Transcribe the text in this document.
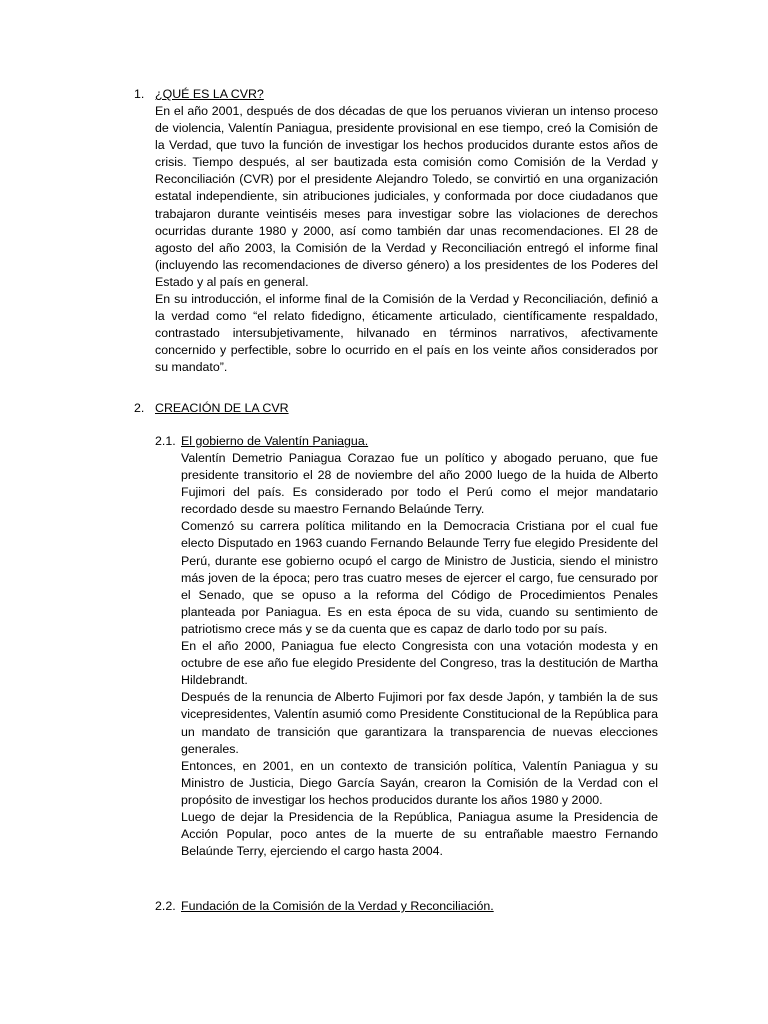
1. ¿QUÉ ES LA CVR?

En el año 2001, después de dos décadas de que los peruanos vivieran un intenso proceso de violencia, Valentín Paniagua, presidente provisional en ese tiempo, creó la Comisión de la Verdad, que tuvo la función de investigar los hechos producidos durante estos años de crisis. Tiempo después, al ser bautizada esta comisión como Comisión de la Verdad y Reconciliación (CVR) por el presidente Alejandro Toledo, se convirtió en una organización estatal independiente, sin atribuciones judiciales, y conformada por doce ciudadanos que trabajaron durante veintiséis meses para investigar sobre las violaciones de derechos ocurridas durante 1980 y 2000, así como también dar unas recomendaciones. El 28 de agosto del año 2003, la Comisión de la Verdad y Reconciliación entregó el informe final (incluyendo las recomendaciones de diverso género) a los presidentes de los Poderes del Estado y al país en general.

En su introducción, el informe final de la Comisión de la Verdad y Reconciliación, definió a la verdad como “el relato fidedigno, éticamente articulado, científicamente respaldado, contrastado intersubjetivamente, hilvanado en términos narrativos, afectivamente concernido y perfectible, sobre lo ocurrido en el país en los veinte años considerados por su mandato”.

2. CREACIÓN DE LA CVR
2.1. El gobierno de Valentín Paniagua.

Valentín Demetrio Paniagua Corazao fue un político y abogado peruano, que fue presidente transitorio el 28 de noviembre del año 2000 luego de la huida de Alberto Fujimori del país. Es considerado por todo el Perú como el mejor mandatario recordado desde su maestro Fernando Belaúnde Terry.

Comenzó su carrera política militando en la Democracia Cristiana por el cual fue electo Disputado en 1963 cuando Fernando Belaunde Terry fue elegido Presidente del Perú, durante ese gobierno ocupó el cargo de Ministro de Justicia, siendo el ministro más joven de la época; pero tras cuatro meses de ejercer el cargo, fue censurado por el Senado, que se opuso a la reforma del Código de Procedimientos Penales planteada por Paniagua. Es en esta época de su vida, cuando su sentimiento de patriotismo crece más y se da cuenta que es capaz de darlo todo por su país.

En el año 2000, Paniagua fue electo Congresista con una votación modesta y en octubre de ese año fue elegido Presidente del Congreso, tras la destitución de Martha Hildebrandt.

Después de la renuncia de Alberto Fujimori por fax desde Japón, y también la de sus vicepresidentes, Valentín asumió como Presidente Constitucional de la República para un mandato de transición que garantizara la transparencia de nuevas elecciones generales.

Entonces, en 2001, en un contexto de transición política, Valentín Paniagua y su Ministro de Justicia, Diego García Sayán, crearon la Comisión de la Verdad con el propósito de investigar los hechos producidos durante los años 1980 y 2000.

Luego de dejar la Presidencia de la República, Paniagua asume la Presidencia de Acción Popular, poco antes de la muerte de su entrañable maestro Fernando Belaúnde Terry, ejerciendo el cargo hasta 2004.

2.2. Fundación de la Comisión de la Verdad y Reconciliación.
